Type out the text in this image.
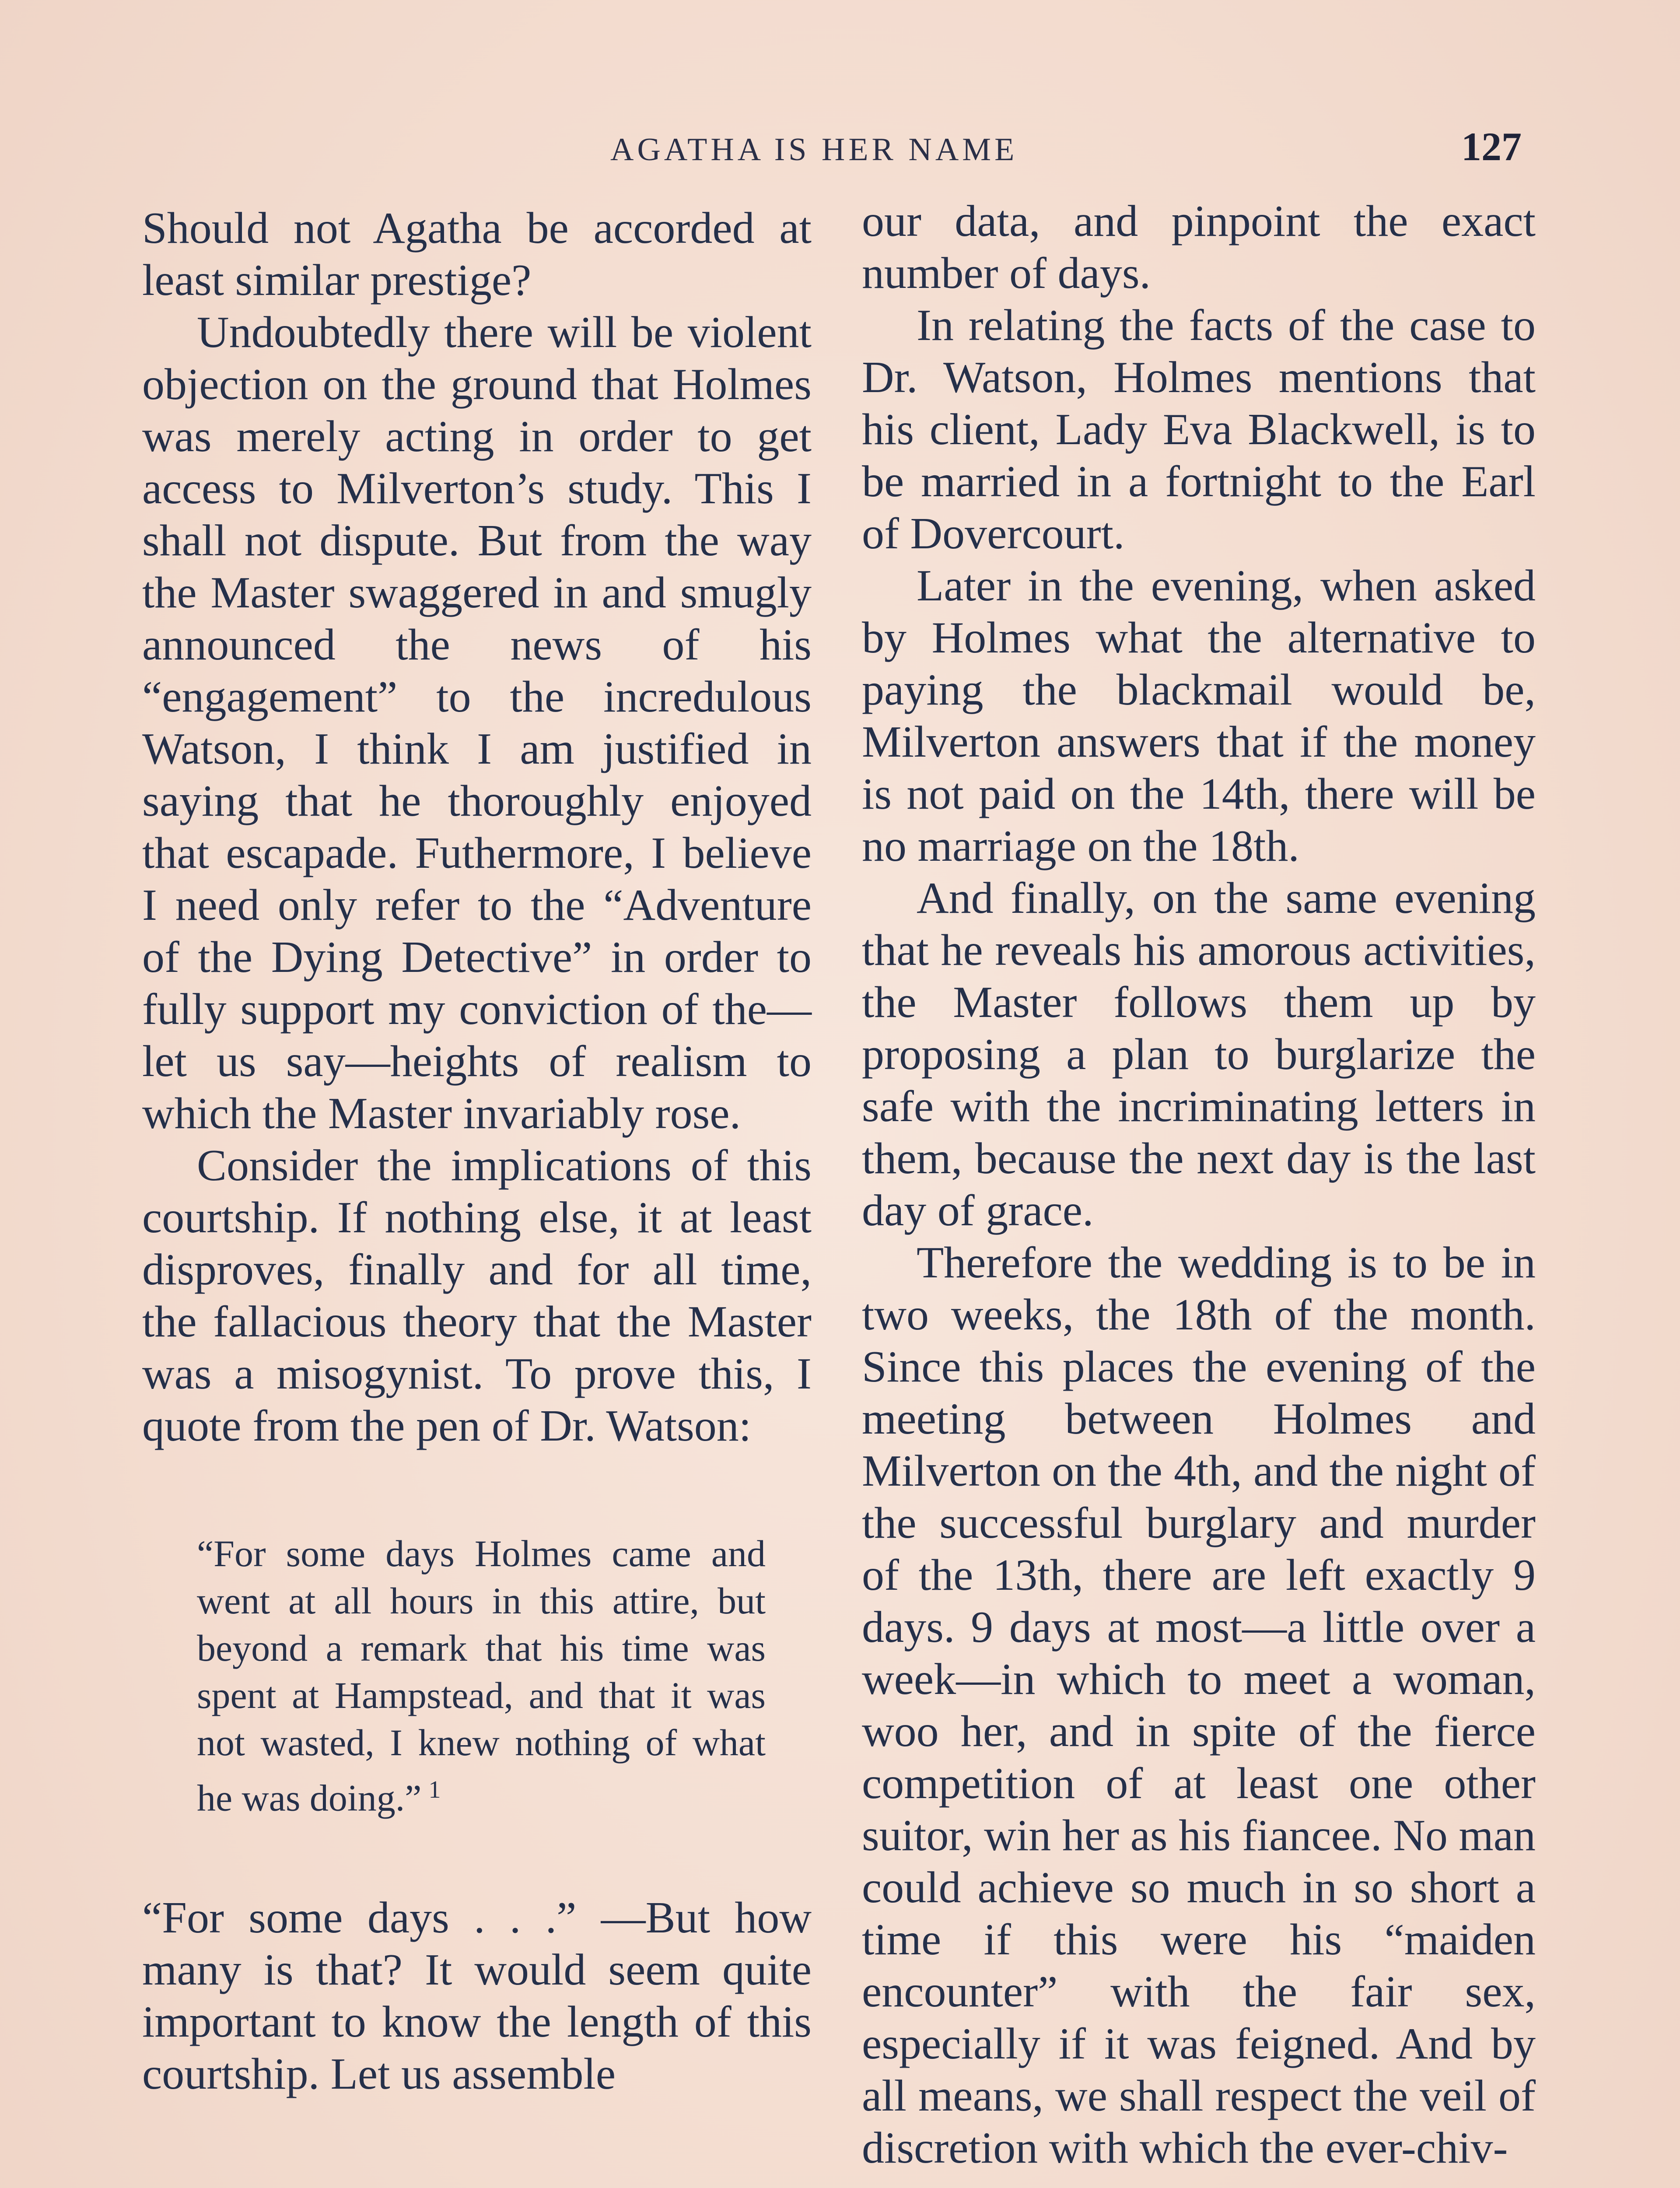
AGATHA IS HER NAME	127

Should not Agatha be accorded at least similar prestige?

Undoubtedly there will be violent objection on the ground that Holmes was merely acting in order to get access to Milverton’s study. This I shall not dispute. But from the way the Master swaggered in and smugly announced the news of his “engagement” to the incredulous Watson, I think I am justified in saying that he thoroughly enjoyed that escapade. Futhermore, I believe I need only refer to the “Adventure of the Dying Detective” in order to fully support my conviction of the—let us say—heights of realism to which the Master invariably rose.

Consider the implications of this courtship. If nothing else, it at least disproves, finally and for all time, the fallacious theory that the Master was a misogynist. To prove this, I quote from the pen of Dr. Watson:

“For some days Holmes came and went at all hours in this attire, but beyond a remark that his time was spent at Hampstead, and that it was not wasted, I knew nothing of what he was doing.” $^1$

“For some days . . .” —But how many is that? It would seem quite important to know the length of this courtship. Let us assemble

our data, and pinpoint the exact number of days.

In relating the facts of the case to Dr. Watson, Holmes mentions that his client, Lady Eva Blackwell, is to be married in a fortnight to the Earl of Dovercourt.

Later in the evening, when asked by Holmes what the alternative to paying the blackmail would be, Milverton answers that if the money is not paid on the 14th, there will be no marriage on the 18th.

And finally, on the same evening that he reveals his amorous activities, the Master follows them up by proposing a plan to burglarize the safe with the incriminating letters in them, because the next day is the last day of grace.

Therefore the wedding is to be in two weeks, the 18th of the month. Since this places the evening of the meeting between Holmes and Milverton on the 4th, and the night of the successful burglary and murder of the 13th, there are left exactly 9 days. 9 days at most—a little over a week—in which to meet a woman, woo her, and in spite of the fierce competition of at least one other suitor, win her as his fiancee. No man could achieve so much in so short a time if this were his “maiden encounter” with the fair sex, especially if it was feigned. And by all means, we shall respect the veil of discretion with which the ever-chiv-
